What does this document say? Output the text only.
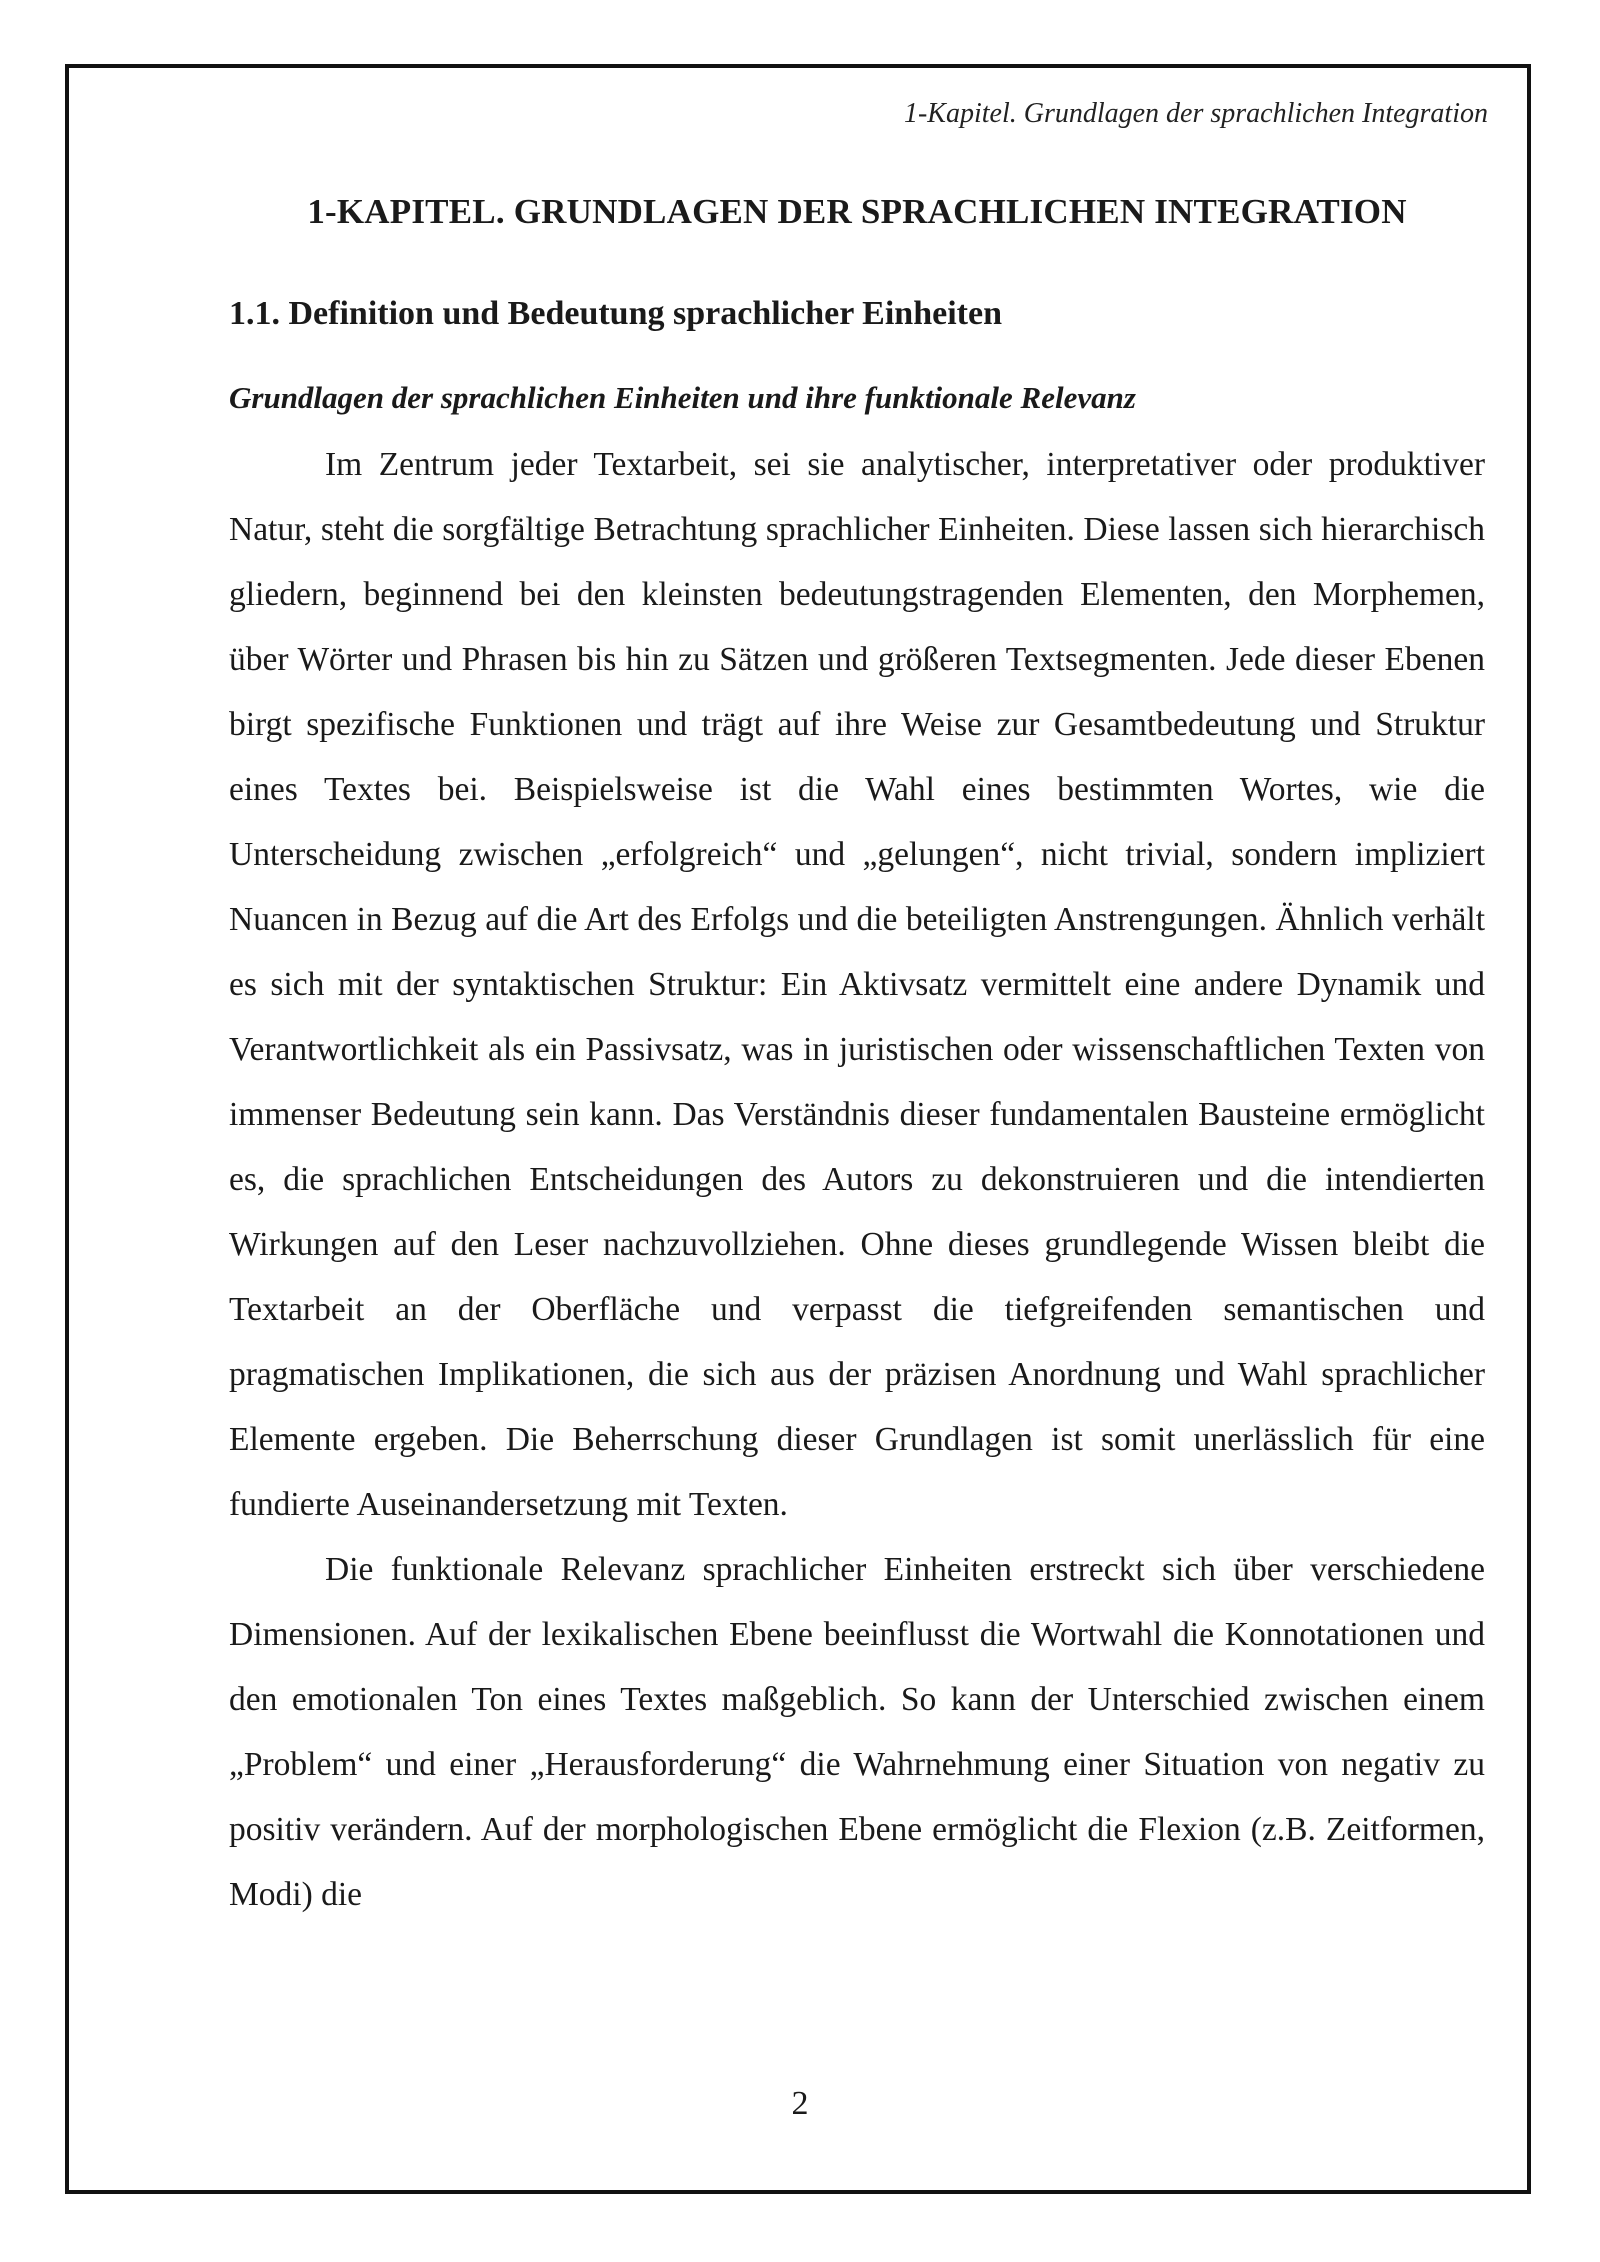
1-Kapitel. Grundlagen der sprachlichen Integration
1-KAPITEL. GRUNDLAGEN DER SPRACHLICHEN INTEGRATION
1.1. Definition und Bedeutung sprachlicher Einheiten
Grundlagen der sprachlichen Einheiten und ihre funktionale Relevanz

Im Zentrum jeder Textarbeit, sei sie analytischer, interpretativer oder produktiver Natur, steht die sorgfältige Betrachtung sprachlicher Einheiten. Diese lassen sich hierarchisch gliedern, beginnend bei den kleinsten bedeutungstragenden Elementen, den Morphemen, über Wörter und Phrasen bis hin zu Sätzen und größeren Textsegmenten. Jede dieser Ebenen birgt spezifische Funktionen und trägt auf ihre Weise zur Gesamtbedeutung und Struktur eines Textes bei. Beispielsweise ist die Wahl eines bestimmten Wortes, wie die Unterscheidung zwischen „erfolgreich“ und „gelungen“, nicht trivial, sondern impliziert Nuancen in Bezug auf die Art des Erfolgs und die beteiligten Anstrengungen. Ähnlich verhält es sich mit der syntaktischen Struktur: Ein Aktivsatz vermittelt eine andere Dynamik und Verantwortlichkeit als ein Passivsatz, was in juristischen oder wissenschaftlichen Texten von immenser Bedeutung sein kann. Das Verständnis dieser fundamentalen Bausteine ermöglicht es, die sprachlichen Entscheidungen des Autors zu dekonstruieren und die intendierten Wirkungen auf den Leser nachzuvollziehen. Ohne dieses grundlegende Wissen bleibt die Textarbeit an der Oberfläche und verpasst die tiefgreifenden semantischen und pragmatischen Implikationen, die sich aus der präzisen Anordnung und Wahl sprachlicher Elemente ergeben. Die Beherrschung dieser Grundlagen ist somit unerlässlich für eine fundierte Auseinandersetzung mit Texten.

Die funktionale Relevanz sprachlicher Einheiten erstreckt sich über verschiedene Dimensionen. Auf der lexikalischen Ebene beeinflusst die Wortwahl die Konnotationen und den emotionalen Ton eines Textes maßgeblich. So kann der Unterschied zwischen einem „Problem“ und einer „Herausforderung“ die Wahrnehmung einer Situation von negativ zu positiv verändern. Auf der morphologischen Ebene ermöglicht die Flexion (z.B. Zeitformen, Modi) die

2
